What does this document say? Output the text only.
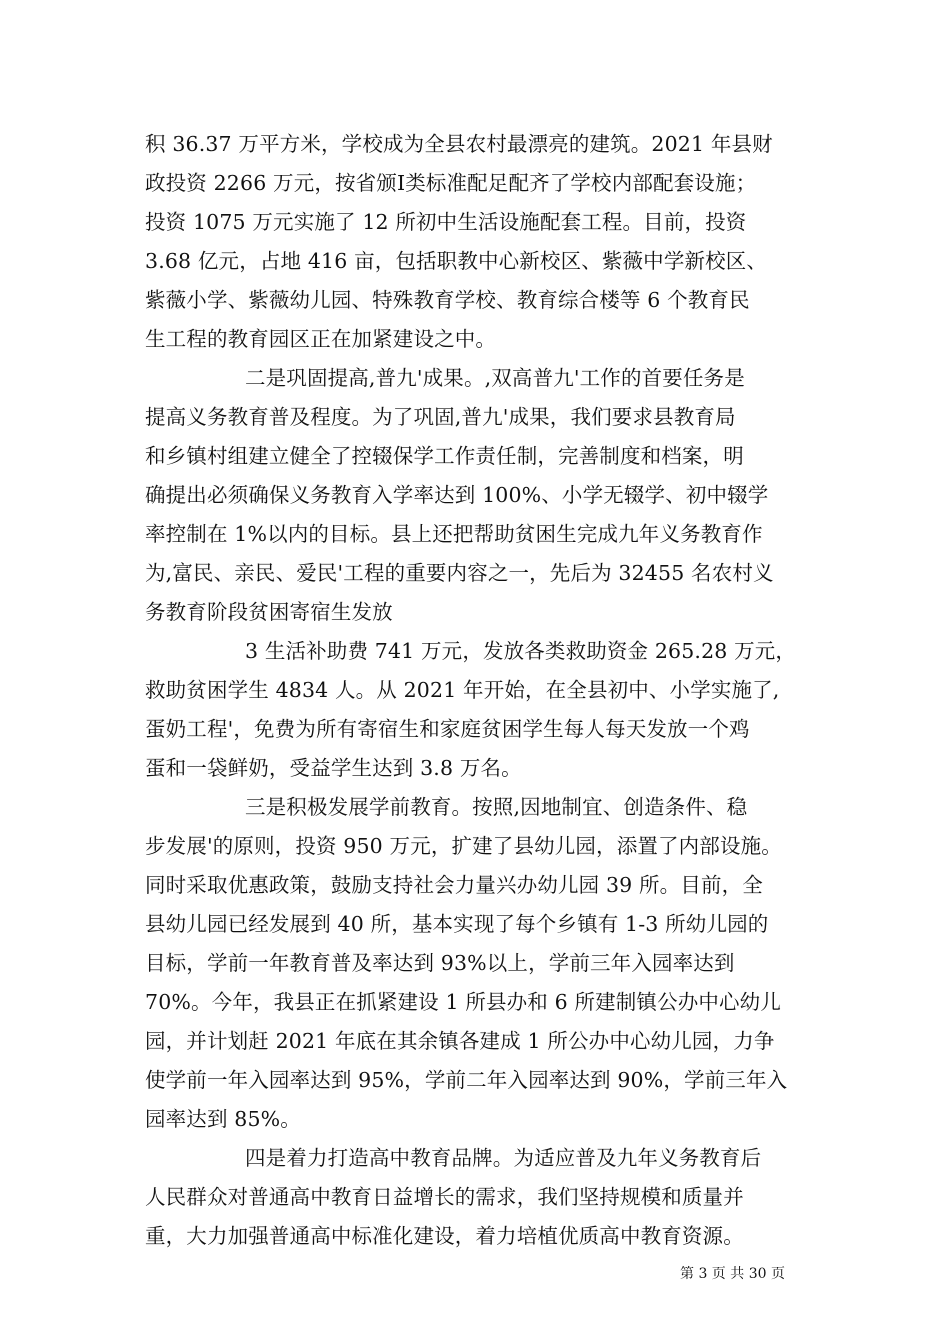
积 36.37 万平方米，学校成为全县农村最漂亮的建筑。2021 年县财
政投资 2266 万元，按省颁Ⅰ类标准配足配齐了学校内部配套设施；
投资 1075 万元实施了 12 所初中生活设施配套工程。目前，投资
3.68 亿元，占地 416 亩，包括职教中心新校区、紫薇中学新校区、
紫薇小学、紫薇幼儿园、特殊教育学校、教育综合楼等 6 个教育民
生工程的教育园区正在加紧建设之中。
二是巩固提高,普九'成果。,双高普九'工作的首要任务是
提高义务教育普及程度。为了巩固,普九'成果，我们要求县教育局
和乡镇村组建立健全了控辍保学工作责任制，完善制度和档案，明
确提出必须确保义务教育入学率达到 100%、小学无辍学、初中辍学
率控制在 1%以内的目标。县上还把帮助贫困生完成九年义务教育作
为,富民、亲民、爱民'工程的重要内容之一，先后为 32455 名农村义
务教育阶段贫困寄宿生发放
3 生活补助费 741 万元，发放各类救助资金 265.28 万元，
救助贫困学生 4834 人。从 2021 年开始，在全县初中、小学实施了,
蛋奶工程'，免费为所有寄宿生和家庭贫困学生每人每天发放一个鸡
蛋和一袋鲜奶，受益学生达到 3.8 万名。
三是积极发展学前教育。按照,因地制宜、创造条件、稳
步发展'的原则，投资 950 万元，扩建了县幼儿园，添置了内部设施。
同时采取优惠政策，鼓励支持社会力量兴办幼儿园 39 所。目前，全
县幼儿园已经发展到 40 所，基本实现了每个乡镇有 1-3 所幼儿园的
目标，学前一年教育普及率达到 93%以上，学前三年入园率达到
70%。今年，我县正在抓紧建设 1 所县办和 6 所建制镇公办中心幼儿
园，并计划赶 2021 年底在其余镇各建成 1 所公办中心幼儿园，力争
使学前一年入园率达到 95%，学前二年入园率达到 90%，学前三年入
园率达到 85%。
四是着力打造高中教育品牌。为适应普及九年义务教育后
人民群众对普通高中教育日益增长的需求，我们坚持规模和质量并
重，大力加强普通高中标准化建设，着力培植优质高中教育资源。
第 3 页 共 30 页
